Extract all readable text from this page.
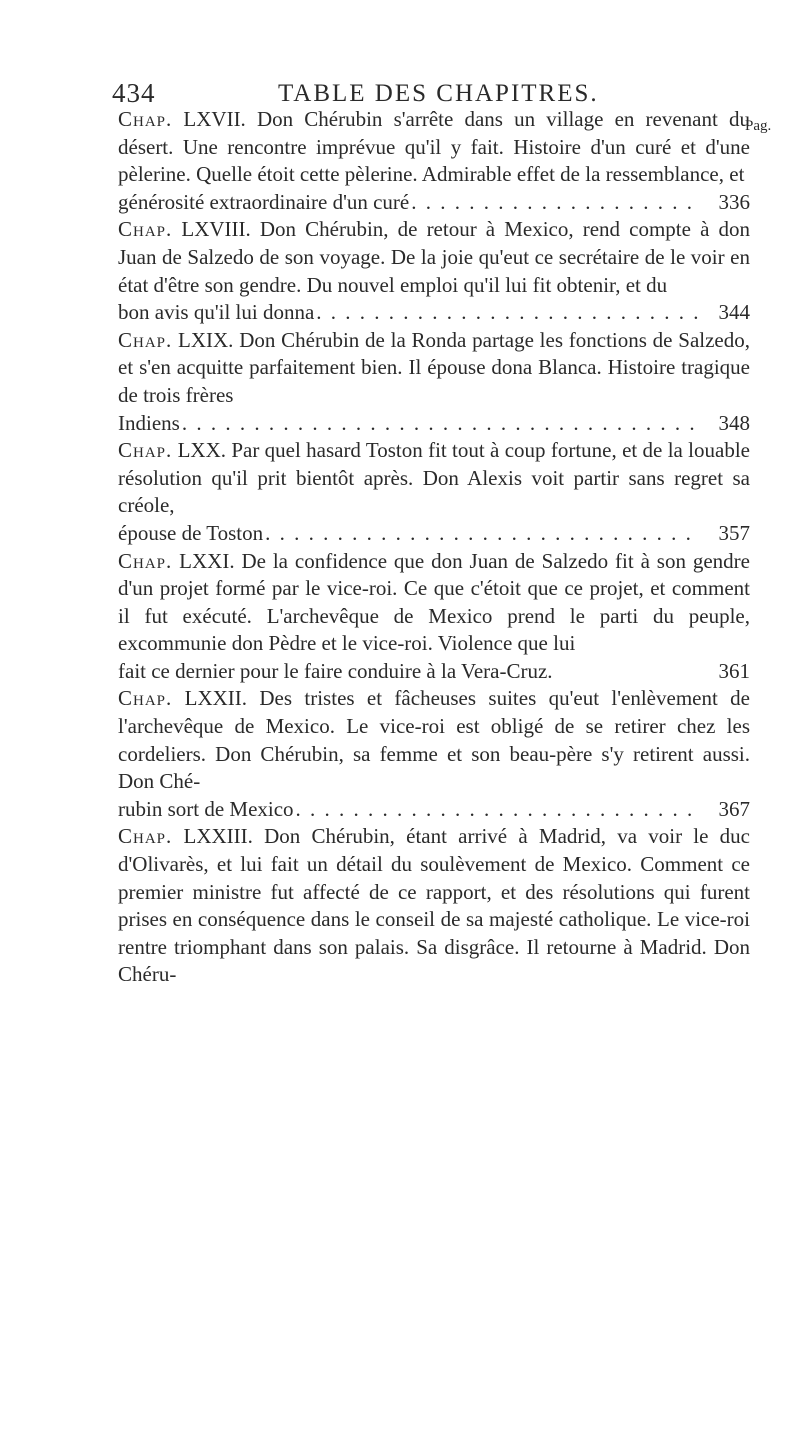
434	TABLE DES CHAPITRES.
Pag.

Chap. LXVII. Don Chérubin s'arrête dans un village en revenant du désert. Une rencontre imprévue qu'il y fait. Histoire d'un curé et d'une pèlerine. Quelle étoit cette pèlerine. Admirable effet de la ressemblance, et
générosité extraordinaire d'un curé . . .	336

Chap. LXVIII. Don Chérubin, de retour à Mexico, rend compte à don Juan de Salzedo de son voyage. De la joie qu'eut ce secrétaire de le voir en état d'être son gendre. Du nouvel emploi qu'il lui fit obtenir, et du
bon avis qu'il lui donna . . .	344

Chap. LXIX. Don Chérubin de la Ronda partage les fonctions de Salzedo, et s'en acquitte parfaitement bien. Il épouse dona Blanca. Histoire tragique de trois frères
Indiens . . .	348

Chap. LXX. Par quel hasard Toston fit tout à coup fortune, et de la louable résolution qu'il prit bientôt après. Don Alexis voit partir sans regret sa créole,
épouse de Toston . . .	357

Chap. LXXI. De la confidence que don Juan de Salzedo fit à son gendre d'un projet formé par le vice-roi. Ce que c'étoit que ce projet, et comment il fut exécuté. L'archevêque de Mexico prend le parti du peuple, excommunie don Pèdre et le vice-roi. Violence que lui
fait ce dernier pour le faire conduire à la Vera-Cruz.	361

Chap. LXXII. Des tristes et fâcheuses suites qu'eut l'enlèvement de l'archevêque de Mexico. Le vice-roi est obligé de se retirer chez les cordeliers. Don Chérubin, sa femme et son beau-père s'y retirent aussi. Don Ché-
rubin sort de Mexico . . .	367

Chap. LXXIII. Don Chérubin, étant arrivé à Madrid, va voir le duc d'Olivarès, et lui fait un détail du soulèvement de Mexico. Comment ce premier ministre fut affecté de ce rapport, et des résolutions qui furent prises en conséquence dans le conseil de sa majesté catholique. Le vice-roi rentre triomphant dans son palais. Sa disgrâce. Il retourne à Madrid. Don Chéru-
